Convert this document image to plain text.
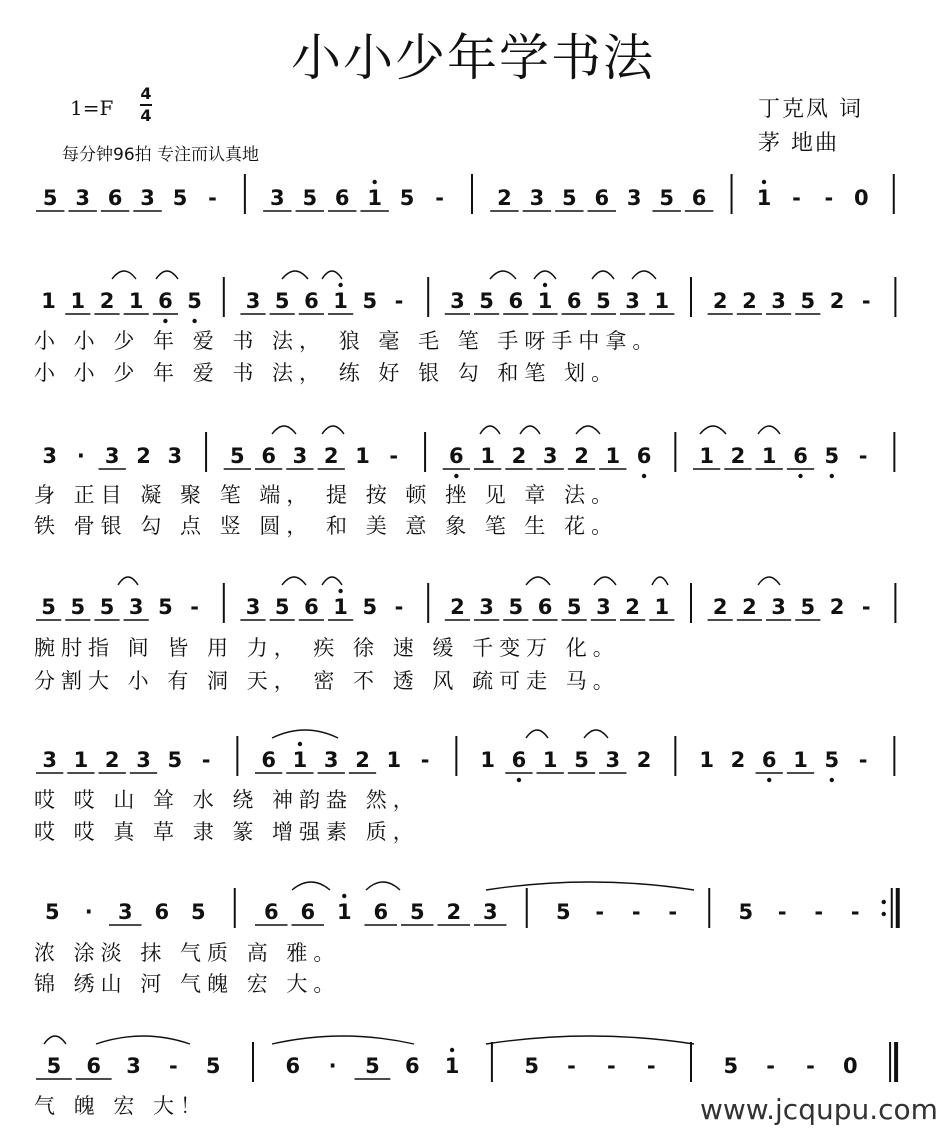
小小少年学书法
1=F
4
4
每分钟96拍 专注而认真地
丁克凤 词
茅 地曲
5 3 6 3 5 -	3 5 6 1 5 -	2 3 5 6 3 5 6 1 - - 0
1 1 2 1 6 5 3 5 6 1 5 - 3 5 6 1 6 5 3 1 2 2 3 5 2 -
3 · 3 2 3 5 6 3 2 1 - 6 1 2 3 2 1 6 1 2 1 6 5 -
5 5 5 3 5 - 3 5 6 1 5 - 2 3 5 6 5 3 2 1 2 2 3 5 2 -
3 1 2 3 5 - 6 1 3 2 1 - 1 6 1 5 3 2 1 2 6 1 5 -
5 · 3 6 5	6 6 1 6 5 2 3	5 - - -	5 - - -
5 6 3 - 5	6 · 5 6 1	5 - - -	5 - - 0
小 小 少 年 爱 书 法， 狼 毫 毛 笔 手呀手中拿。
小 小 少 年 爱 书 法， 练 好 银 勾 和笔 划。
身 正目 凝 聚 笔 端， 提 按 顿 挫 见 章 法。
铁 骨银 勾 点 竖 圆， 和 美 意 象 笔 生 花。
腕肘指 间 皆 用 力， 疾 徐 速 缓 千变万 化。
分割大 小 有 洞 天， 密 不 透 风 疏可走 马。
哎 哎 山 耸 水 绕 神韵盎 然，
哎 哎 真 草 隶 篆 增强素 质，
浓 涂淡 抹 气质 高 雅。
锦 绣山 河 气魄 宏 大。
气 魄 宏 大！	www.jcqupu.com
